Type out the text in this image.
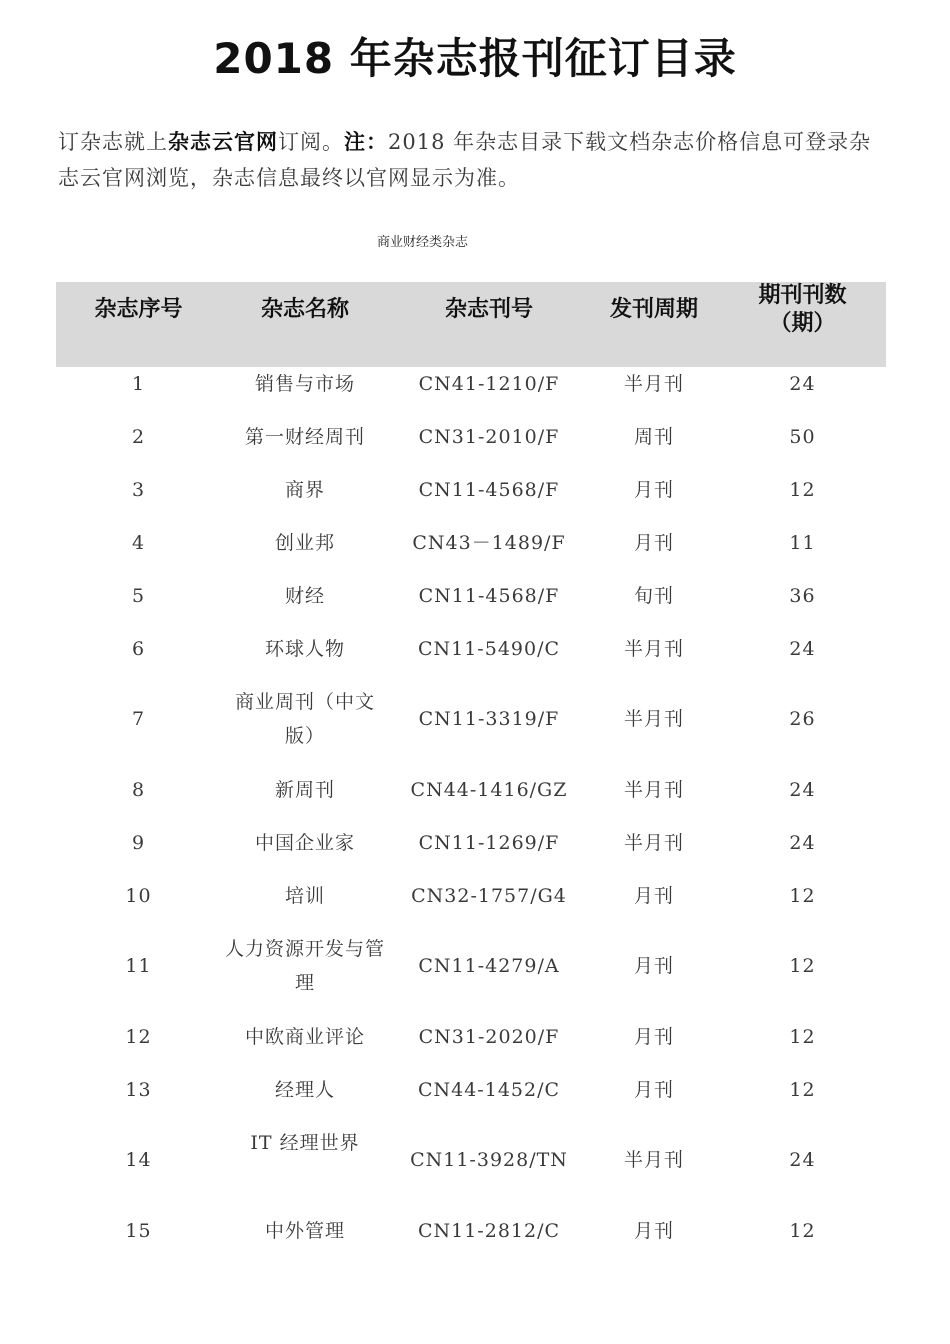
2018 年杂志报刊征订目录

订杂志就上杂志云官网订阅。注：2018 年杂志目录下载文档杂志价格信息可登录杂志云官网浏览，杂志信息最终以官网显示为准。

商业财经类杂志
杂志序号	杂志名称	杂志刊号	发刊周期	期刊刊数（期）
1	销售与市场	CN41-1210/F	半月刊	24
2	第一财经周刊	CN31-2010/F	周刊	50
3	商界	CN11-4568/F	月刊	12
4	创业邦	CN43－1489/F	月刊	11
5	财经	CN11-4568/F	旬刊	36
6	环球人物	CN11-5490/C	半月刊	24
7	商业周刊（中文版）	CN11-3319/F	半月刊	26
8	新周刊	CN44-1416/GZ	半月刊	24
9	中国企业家	CN11-1269/F	半月刊	24
10	培训	CN32-1757/G4	月刊	12
11	人力资源开发与管理	CN11-4279/A	月刊	12
12	中欧商业评论	CN31-2020/F	月刊	12
13	经理人	CN44-1452/C	月刊	12
14	IT 经理世界	CN11-3928/TN	半月刊	24
15	中外管理	CN11-2812/C	月刊	12
